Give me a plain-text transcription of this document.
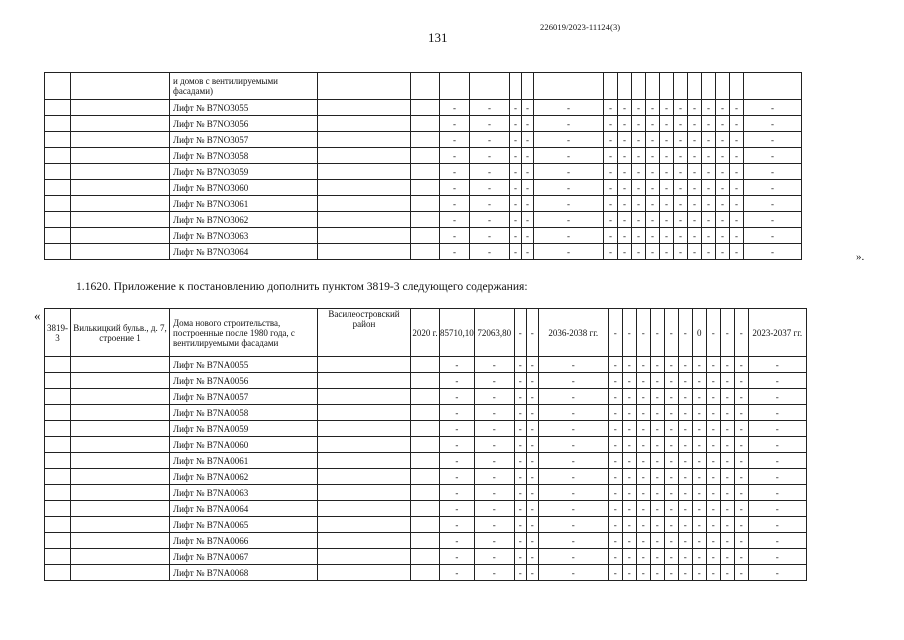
226019/2023-11124(3)
131
		и домов с вентилируемыми фасадами)																		
		Лифт № B7NO3055			-	-	-	-	-	-	-	-	-	-	-	-	-	-	-	-
		Лифт № B7NO3056			-	-	-	-	-	-	-	-	-	-	-	-	-	-	-	-
		Лифт № B7NO3057			-	-	-	-	-	-	-	-	-	-	-	-	-	-	-	-
		Лифт № B7NO3058			-	-	-	-	-	-	-	-	-	-	-	-	-	-	-	-
		Лифт № B7NO3059			-	-	-	-	-	-	-	-	-	-	-	-	-	-	-	-
		Лифт № B7NO3060			-	-	-	-	-	-	-	-	-	-	-	-	-	-	-	-
		Лифт № B7NO3061			-	-	-	-	-	-	-	-	-	-	-	-	-	-	-	-
		Лифт № B7NO3062			-	-	-	-	-	-	-	-	-	-	-	-	-	-	-	-
		Лифт № B7NO3063			-	-	-	-	-	-	-	-	-	-	-	-	-	-	-	-
		Лифт № B7NO3064			-	-	-	-	-	-	-	-	-	-	-	-	-	-	-	-	».
1.1620. Приложение к постановлению дополнить пунктом 3819-3 следующего содержания:
«
3819-3	Вилькицкий бульв., д. 7, строение 1	Дома нового строительства, построенные после 1980 года, с вентилируемыми фасадами	Василеостровский район	2020 г.	85710,10	72063,80	-	-	2036-2038 гг.	-	-	-	-	-	-	0	-	-	-	2023-2037 гг.
		Лифт № B7NA0055			-	-	-	-	-	-	-	-	-	-	-	-	-	-	-	-
		Лифт № B7NA0056			-	-	-	-	-	-	-	-	-	-	-	-	-	-	-	-
		Лифт № B7NA0057			-	-	-	-	-	-	-	-	-	-	-	-	-	-	-	-
		Лифт № B7NA0058			-	-	-	-	-	-	-	-	-	-	-	-	-	-	-	-
		Лифт № B7NA0059			-	-	-	-	-	-	-	-	-	-	-	-	-	-	-	-
		Лифт № B7NA0060			-	-	-	-	-	-	-	-	-	-	-	-	-	-	-	-
		Лифт № B7NA0061			-	-	-	-	-	-	-	-	-	-	-	-	-	-	-	-
		Лифт № B7NA0062			-	-	-	-	-	-	-	-	-	-	-	-	-	-	-	-
		Лифт № B7NA0063			-	-	-	-	-	-	-	-	-	-	-	-	-	-	-	-
		Лифт № B7NA0064			-	-	-	-	-	-	-	-	-	-	-	-	-	-	-	-
		Лифт № B7NA0065			-	-	-	-	-	-	-	-	-	-	-	-	-	-	-	-
		Лифт № B7NA0066			-	-	-	-	-	-	-	-	-	-	-	-	-	-	-	-
		Лифт № B7NA0067			-	-	-	-	-	-	-	-	-	-	-	-	-	-	-	-
		Лифт № B7NA0068			-	-	-	-	-	-	-	-	-	-	-	-	-	-	-	-
